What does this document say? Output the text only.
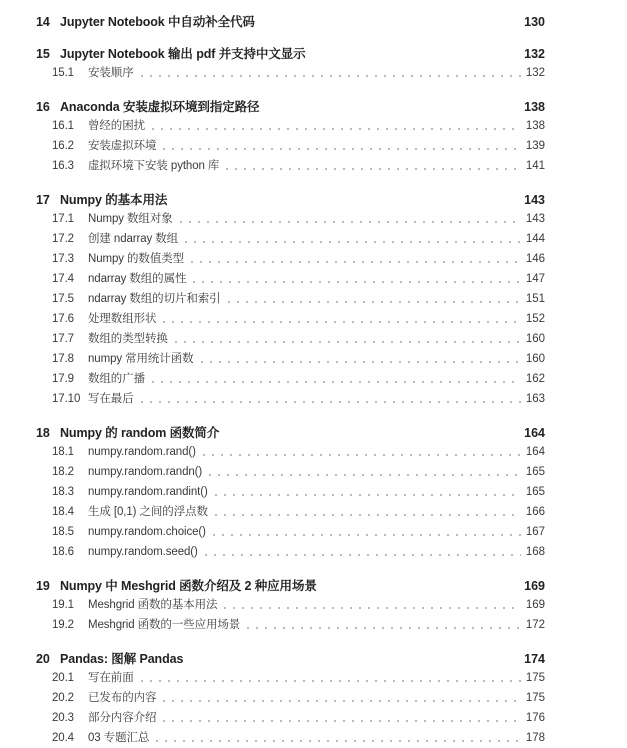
14 Jupyter Notebook 中自动补全代码	130
15 Jupyter Notebook 输出 pdf 并支持中文显示	132
15.1	安装顺序	132
16 Anaconda 安装虚拟环境到指定路径	138
16.1	曾经的困扰	138
16.2	安装虚拟环境	139
16.3	虚拟环境下安装 python 库	141
17 Numpy 的基本用法	143
17.1	Numpy 数组对象	143
17.2	创建 ndarray 数组	144
17.3	Numpy 的数值类型	146
17.4	ndarray 数组的属性	147
17.5	ndarray 数组的切片和索引	151
17.6	处理数组形状	152
17.7	数组的类型转换	160
17.8	numpy 常用统计函数	160
17.9	数组的广播	162
17.10 写在最后	163
18 Numpy 的 random 函数简介	164
18.1	numpy.random.rand()	164
18.2	numpy.random.randn()	165
18.3	numpy.random.randint()	165
18.4	生成 [0,1) 之间的浮点数	166
18.5	numpy.random.choice()	167
18.6	numpy.random.seed()	168
19 Numpy 中 Meshgrid 函数介绍及 2 种应用场景	169
19.1	Meshgrid 函数的基本用法	169
19.2	Meshgrid 函数的一些应用场景	172
20 Pandas: 图解 Pandas	174
20.1	写在前面	175
20.2	已发布的内容	175
20.3	部分内容介绍	176
20.4	03 专题汇总	178
